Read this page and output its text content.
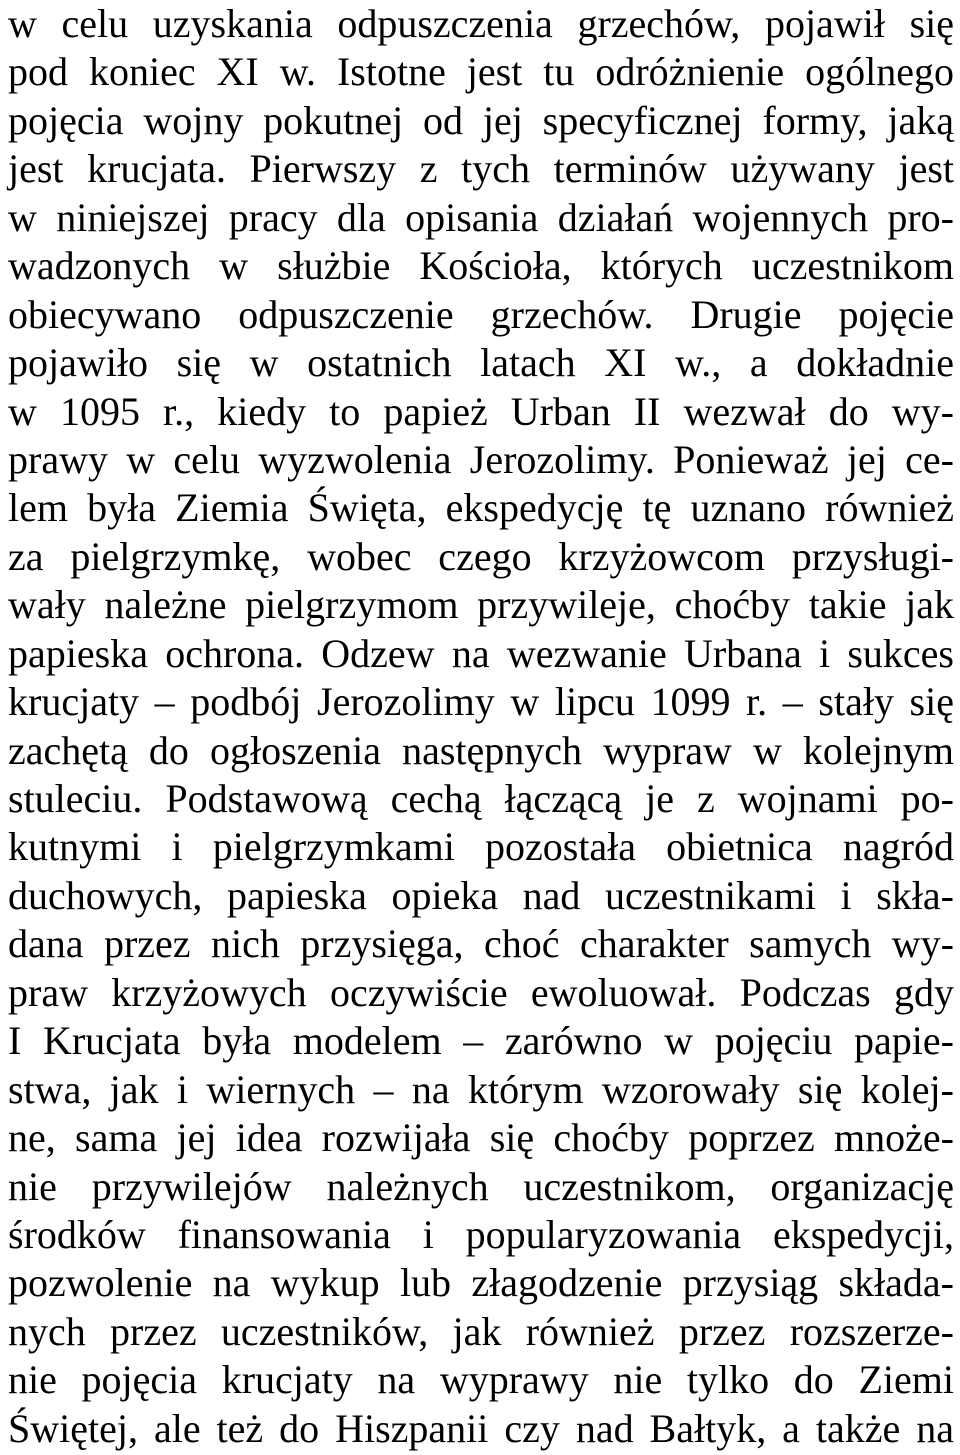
w celu uzyskania odpuszczenia grzechów, pojawił się
pod koniec XI w. Istotne jest tu odróżnienie ogólnego
pojęcia wojny pokutnej od jej specyficznej formy, jaką
jest krucjata. Pierwszy z tych terminów używany jest
w niniejszej pracy dla opisania działań wojennych pro-
wadzonych w służbie Kościoła, których uczestnikom
obiecywano odpuszczenie grzechów. Drugie pojęcie
pojawiło się w ostatnich latach XI w., a dokładnie
w 1095 r., kiedy to papież Urban II wezwał do wy-
prawy w celu wyzwolenia Jerozolimy. Ponieważ jej ce-
lem była Ziemia Święta, ekspedycję tę uznano również
za pielgrzymkę, wobec czego krzyżowcom przysługi-
wały należne pielgrzymom przywileje, choćby takie jak
papieska ochrona. Odzew na wezwanie Urbana i sukces
krucjaty – podbój Jerozolimy w lipcu 1099 r. – stały się
zachętą do ogłoszenia następnych wypraw w kolejnym
stuleciu. Podstawową cechą łączącą je z wojnami po-
kutnymi i pielgrzymkami pozostała obietnica nagród
duchowych, papieska opieka nad uczestnikami i skła-
dana przez nich przysięga, choć charakter samych wy-
praw krzyżowych oczywiście ewoluował. Podczas gdy
I Krucjata była modelem – zarówno w pojęciu papie-
stwa, jak i wiernych – na którym wzorowały się kolej-
ne, sama jej idea rozwijała się choćby poprzez mnoże-
nie przywilejów należnych uczestnikom, organizację
środków finansowania i popularyzowania ekspedycji,
pozwolenie na wykup lub złagodzenie przysiąg składa-
nych przez uczestników, jak również przez rozszerze-
nie pojęcia krucjaty na wyprawy nie tylko do Ziemi
Świętej, ale też do Hiszpanii czy nad Bałtyk, a także na
